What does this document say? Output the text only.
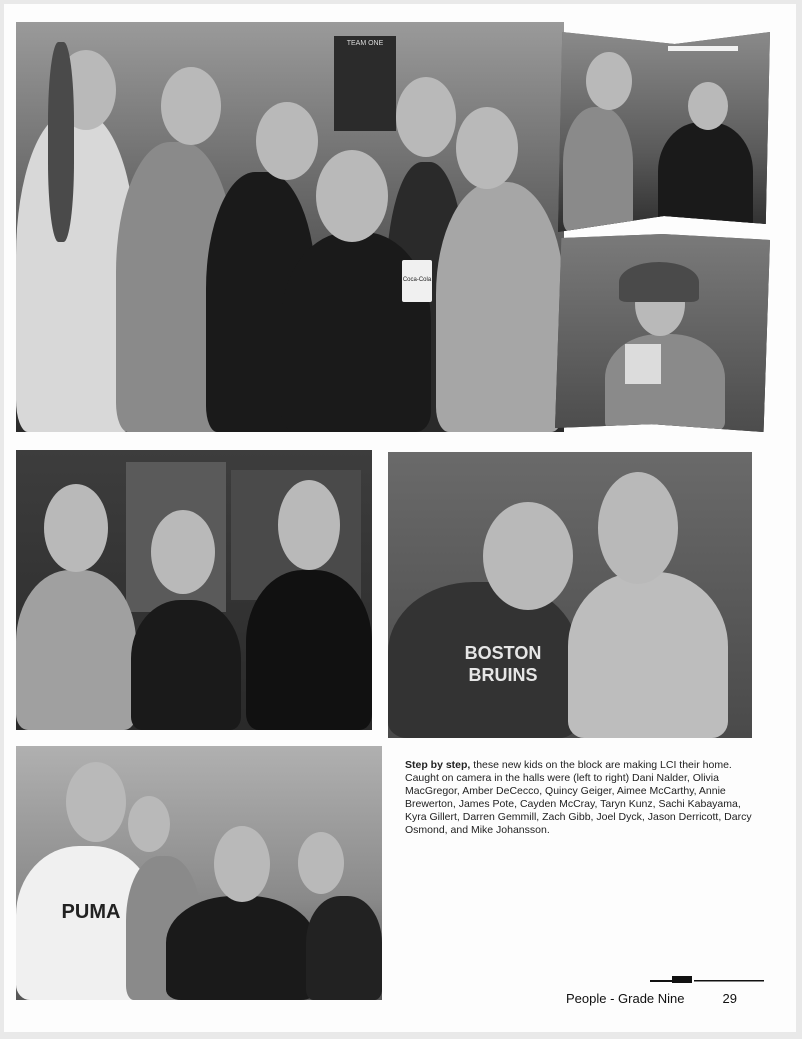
TEAM ONE
Coca-Cola
BOSTON
BRUINS
PUMA
Step by step, these new kids on the block are making LCI their home. Caught on camera in the halls were (left to right) Dani Nalder, Olivia MacGregor, Amber DeCecco, Quincy Geiger, Aimee McCarthy, Annie Brewerton, James Pote, Cayden McCray, Taryn Kunz, Sachi Kabayama, Kyra Gillert, Darren Gemmill, Zach Gibb, Joel Dyck, Jason Derricott, Darcy Osmond, and Mike Johansson.
People - Grade Nine	29
